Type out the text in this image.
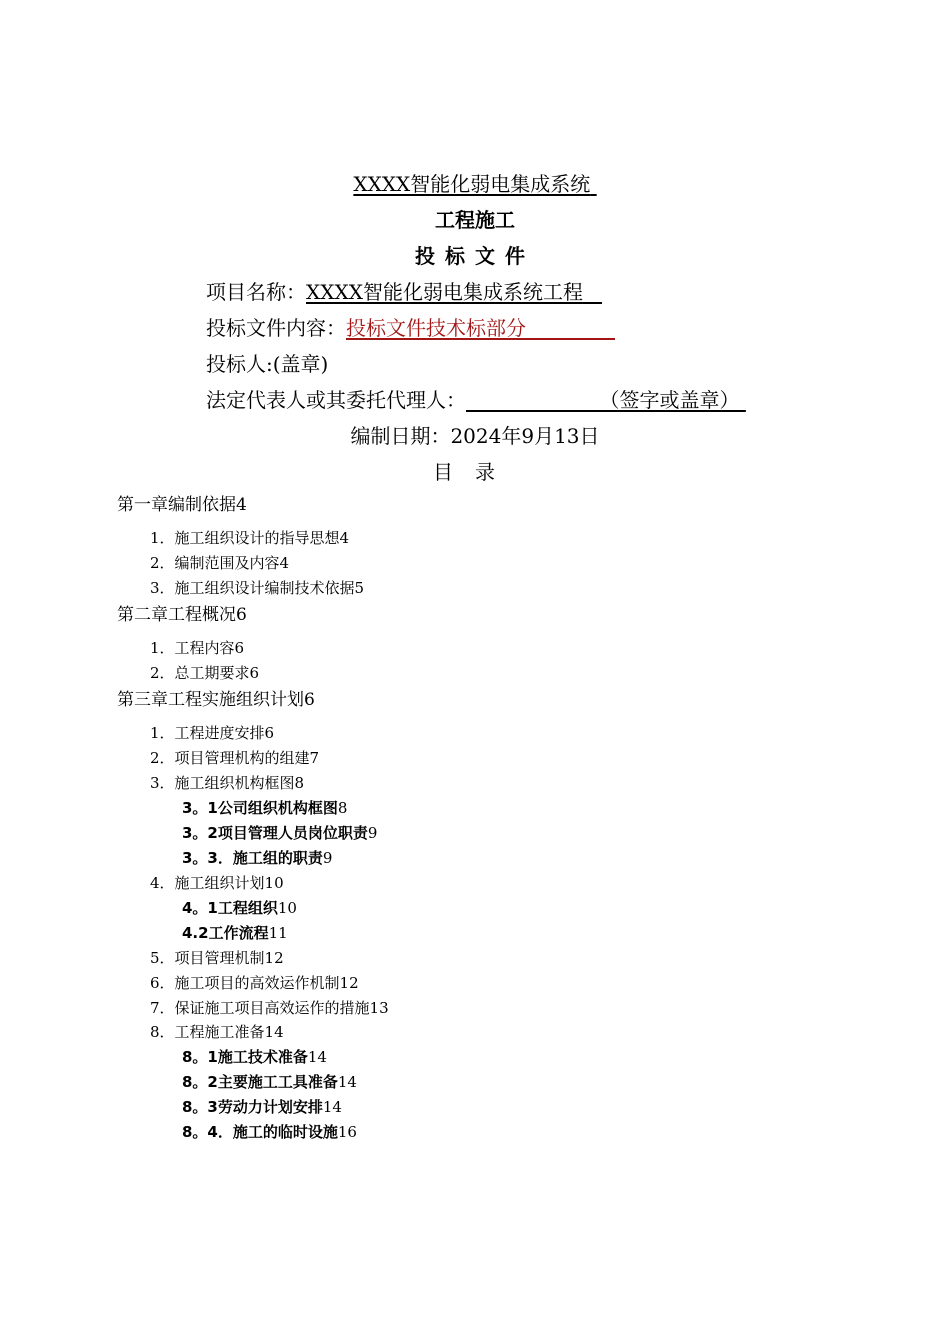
XXXX智能化弱电集成系统
工程施工
投标文件
项目名称：XXXX智能化弱电集成系统工程
投标文件内容：投标文件技术标部分
投标人:(盖章)
法定代表人或其委托代理人：	（签字或盖章）
编制日期：2024年9月13日
目录
第一章编制依据4
1．施工组织设计的指导思想4
2．编制范围及内容4
3．施工组织设计编制技术依据5
第二章工程概况6
1．工程内容6
2．总工期要求6
第三章工程实施组织计划6
1．工程进度安排6
2．项目管理机构的组建7
3．施工组织机构框图8
3。1公司组织机构框图8
3。2项目管理人员岗位职责9
3。3．施工组的职责9
4．施工组织计划10
4。1工程组织10
4.2工作流程11
5．项目管理机制12
6．施工项目的高效运作机制12
7．保证施工项目高效运作的措施13
8．工程施工准备14
8。1施工技术准备14
8。2主要施工工具准备14
8。3劳动力计划安排14
8。4．施工的临时设施16
